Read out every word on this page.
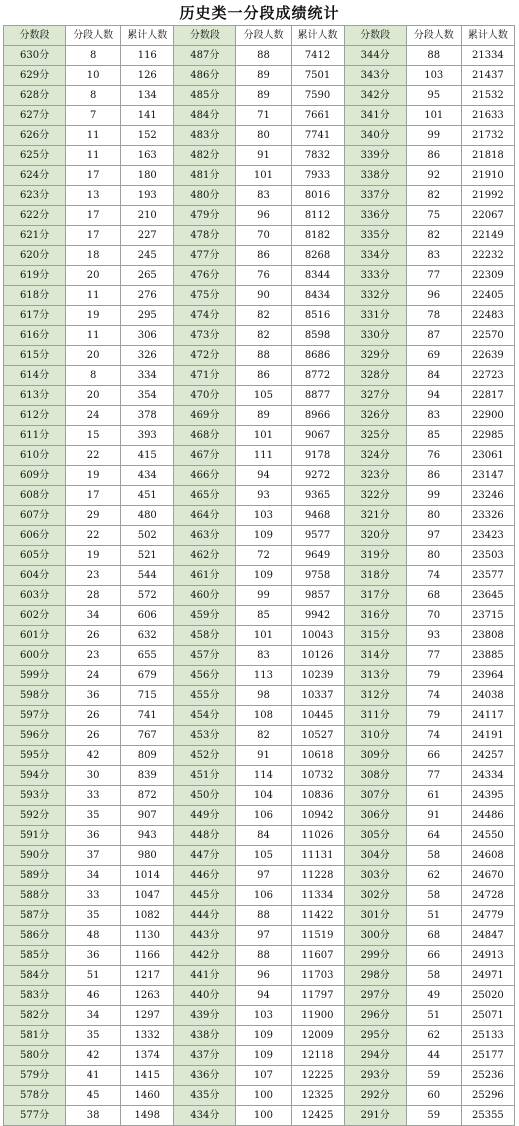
历史类一分段成绩统计
分数段	分段人数	累计人数	分数段	分段人数	累计人数	分数段	分段人数	累计人数
630分	8	116	487分	88	7412	344分	88	21334
629分	10	126	486分	89	7501	343分	103	21437
628分	8	134	485分	89	7590	342分	95	21532
627分	7	141	484分	71	7661	341分	101	21633
626分	11	152	483分	80	7741	340分	99	21732
625分	11	163	482分	91	7832	339分	86	21818
624分	17	180	481分	101	7933	338分	92	21910
623分	13	193	480分	83	8016	337分	82	21992
622分	17	210	479分	96	8112	336分	75	22067
621分	17	227	478分	70	8182	335分	82	22149
620分	18	245	477分	86	8268	334分	83	22232
619分	20	265	476分	76	8344	333分	77	22309
618分	11	276	475分	90	8434	332分	96	22405
617分	19	295	474分	82	8516	331分	78	22483
616分	11	306	473分	82	8598	330分	87	22570
615分	20	326	472分	88	8686	329分	69	22639
614分	8	334	471分	86	8772	328分	84	22723
613分	20	354	470分	105	8877	327分	94	22817
612分	24	378	469分	89	8966	326分	83	22900
611分	15	393	468分	101	9067	325分	85	22985
610分	22	415	467分	111	9178	324分	76	23061
609分	19	434	466分	94	9272	323分	86	23147
608分	17	451	465分	93	9365	322分	99	23246
607分	29	480	464分	103	9468	321分	80	23326
606分	22	502	463分	109	9577	320分	97	23423
605分	19	521	462分	72	9649	319分	80	23503
604分	23	544	461分	109	9758	318分	74	23577
603分	28	572	460分	99	9857	317分	68	23645
602分	34	606	459分	85	9942	316分	70	23715
601分	26	632	458分	101	10043	315分	93	23808
600分	23	655	457分	83	10126	314分	77	23885
599分	24	679	456分	113	10239	313分	79	23964
598分	36	715	455分	98	10337	312分	74	24038
597分	26	741	454分	108	10445	311分	79	24117
596分	26	767	453分	82	10527	310分	74	24191
595分	42	809	452分	91	10618	309分	66	24257
594分	30	839	451分	114	10732	308分	77	24334
593分	33	872	450分	104	10836	307分	61	24395
592分	35	907	449分	106	10942	306分	91	24486
591分	36	943	448分	84	11026	305分	64	24550
590分	37	980	447分	105	11131	304分	58	24608
589分	34	1014	446分	97	11228	303分	62	24670
588分	33	1047	445分	106	11334	302分	58	24728
587分	35	1082	444分	88	11422	301分	51	24779
586分	48	1130	443分	97	11519	300分	68	24847
585分	36	1166	442分	88	11607	299分	66	24913
584分	51	1217	441分	96	11703	298分	58	24971
583分	46	1263	440分	94	11797	297分	49	25020
582分	34	1297	439分	103	11900	296分	51	25071
581分	35	1332	438分	109	12009	295分	62	25133
580分	42	1374	437分	109	12118	294分	44	25177
579分	41	1415	436分	107	12225	293分	59	25236
578分	45	1460	435分	100	12325	292分	60	25296
577分	38	1498	434分	100	12425	291分	59	25355
